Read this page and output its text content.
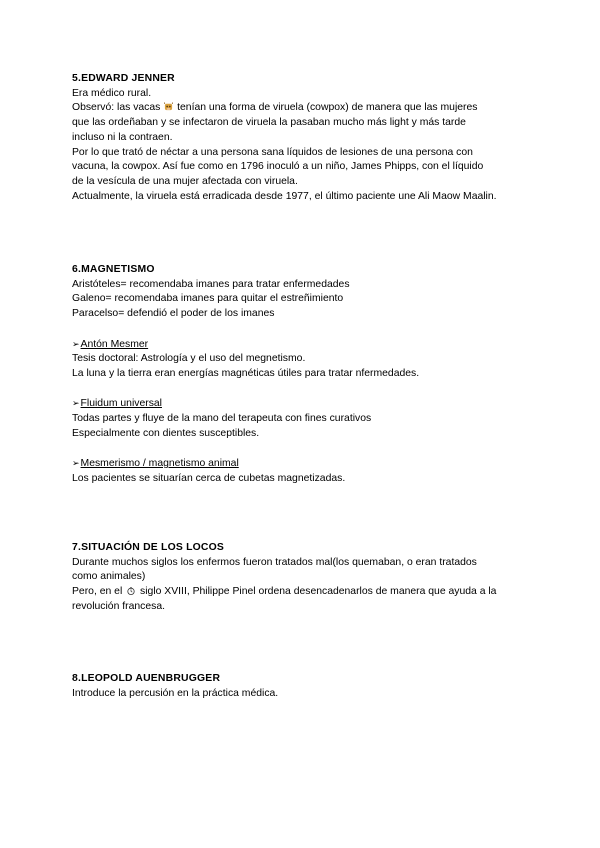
5.EDWARD JENNER
Era médico rural.
Observó: las vacas tenían una forma de viruela (cowpox) de manera que las mujeres
que las ordeñaban y se infectaron de viruela la pasaban mucho más light y más tarde
incluso ni la contraen.
Por lo que trató de néctar a una persona sana líquidos de lesiones de una persona con
vacuna, la cowpox. Así fue como en 1796 inoculó a un niño, James Phipps, con el líquido
de la vesícula de una mujer afectada con viruela.
Actualmente, la viruela está erradicada desde 1977, el último paciente une Ali Maow Maalin.
6.MAGNETISMO
Aristóteles= recomendaba imanes para tratar enfermedades
Galeno= recomendaba imanes para quitar el estreñimiento
Paracelso= defendió el poder de los imanes
➢Antón Mesmer
Tesis doctoral: Astrología y el uso del megnetismo.
La luna y la tierra eran energías magnéticas útiles para tratar nfermedades.
➢Fluidum universal
Todas partes y fluye de la mano del terapeuta con fines curativos
Especialmente con dientes susceptibles.
➢Mesmerismo / magnetismo animal
Los pacientes se situarían cerca de cubetas magnetizadas.
7.SITUACIÓN DE LOS LOCOS
Durante muchos siglos los enfermos fueron tratados mal(los quemaban, o eran tratados
como animales)
Pero, en el siglo XVIII, Philippe Pinel ordena desencadenarlos de manera que ayuda a la
revolución francesa.
8.LEOPOLD AUENBRUGGER
Introduce la percusión en la práctica médica.
